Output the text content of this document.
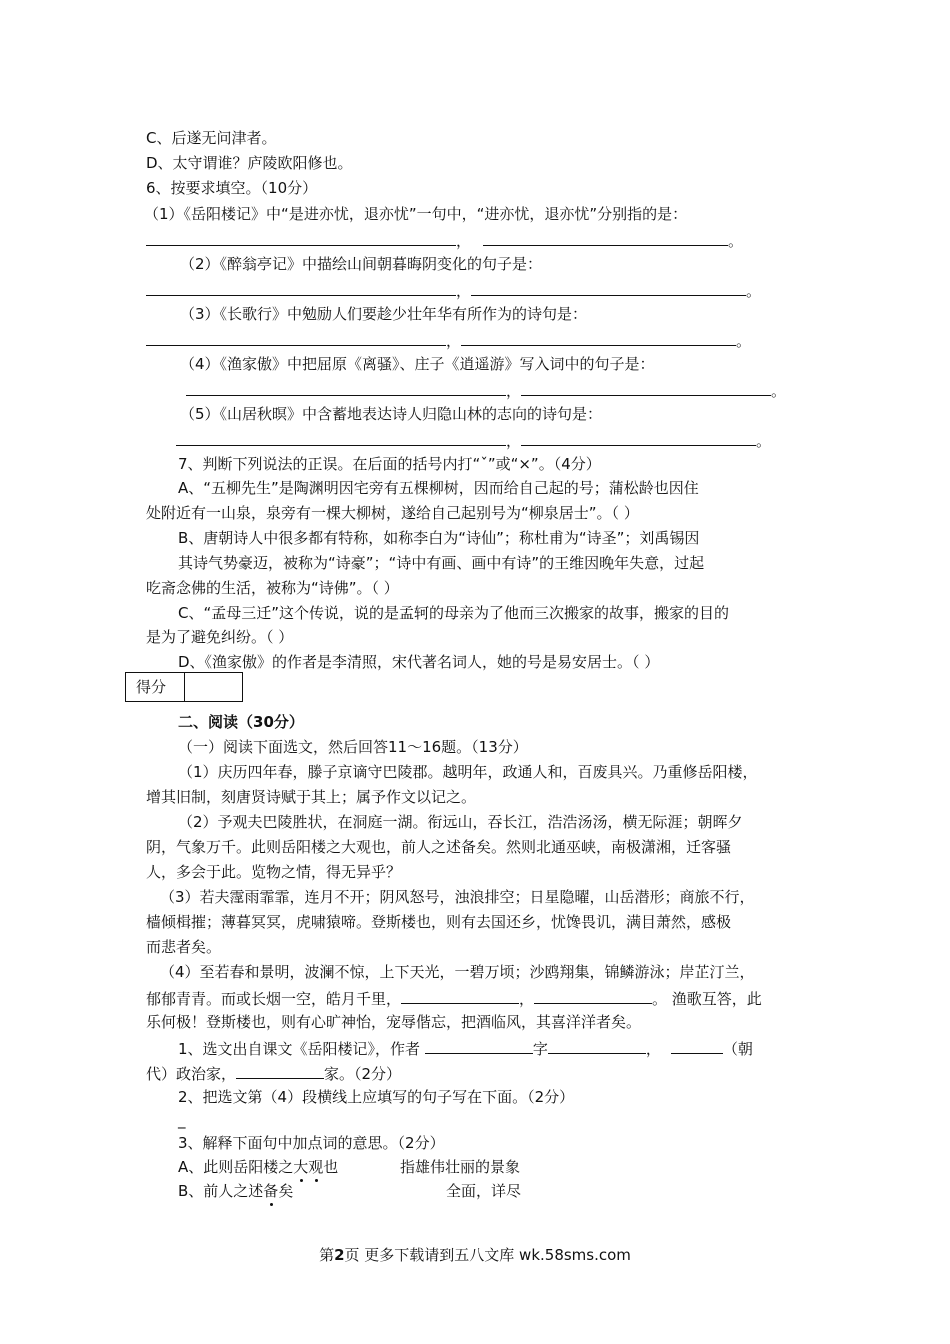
C、后遂无问津者。
D、太守谓谁？庐陵欧阳修也。
6、按要求填空。（10分）
（1）《岳阳楼记》中“是进亦忧，退亦忧”一句中，“进亦忧，退亦忧”分别指的是：
，	。
（2）《醉翁亭记》中描绘山间朝暮晦阴变化的句子是：
，	。
（3）《长歌行》中勉励人们要趁少壮年华有所作为的诗句是：
，	。
（4）《渔家傲》中把屈原《离骚》、庄子《逍遥游》写入词中的句子是：
，	。
（5）《山居秋暝》中含蓄地表达诗人归隐山林的志向的诗句是：
，	。
7、判断下列说法的正误。在后面的括号内打“ˇ”或“×”。（4分）
A、“五柳先生”是陶渊明因宅旁有五棵柳树，因而给自己起的号；蒲松龄也因住
处附近有一山泉，泉旁有一棵大柳树，遂给自己起别号为“柳泉居士”。（ ）
B、唐朝诗人中很多都有特称，如称李白为“诗仙”；称杜甫为“诗圣”；刘禹锡因
其诗气势豪迈，被称为“诗豪”；“诗中有画、画中有诗”的王维因晚年失意，过起
吃斋念佛的生活，被称为“诗佛”。（ ）
C、“孟母三迁”这个传说，说的是孟轲的母亲为了他而三次搬家的故事，搬家的目的
是为了避免纠纷。（ ）
D、《渔家傲》的作者是李清照，宋代著名词人，她的号是易安居士。（ ）
得分
二、阅读（30分）
（一）阅读下面选文，然后回答11～16题。（13分）
（1）庆历四年春，滕子京谪守巴陵郡。越明年，政通人和，百废具兴。乃重修岳阳楼，
增其旧制，刻唐贤诗赋于其上；属予作文以记之。
（2）予观夫巴陵胜状，在洞庭一湖。衔远山，吞长江，浩浩汤汤，横无际涯；朝晖夕
阴，气象万千。此则岳阳楼之大观也，前人之述备矣。然则北通巫峡，南极潇湘，迁客骚
人，多会于此。览物之情，得无异乎？
（3）若夫霪雨霏霏，连月不开；阴风怒号，浊浪排空；日星隐曜，山岳潜形；商旅不行，
樯倾楫摧；薄暮冥冥，虎啸猿啼。登斯楼也，则有去国还乡，忧馋畏讥，满目萧然，感极
而悲者矣。
（4）至若春和景明，波澜不惊，上下天光，一碧万顷；沙鸥翔集，锦鳞游泳；岸芷汀兰，
郁郁青青。而或长烟一空，皓月千里，	，	。 渔歌互答，此
乐何极！登斯楼也，则有心旷神怡，宠辱偕忘，把酒临风，其喜洋洋者矣。
1、选文出自课文《岳阳楼记》，作者	字	，	（朝
代）政治家，	家。（2分）
2、把选文第（4）段横线上应填写的句子写在下面。（2分）
_
3、解释下面句中加点词的意思。（2分）
A、此则岳阳楼之大观也	指雄伟壮丽的景象
B、前人之述备矣	全面，详尽
第2页 更多下载请到五八文库 wk.58sms.com
